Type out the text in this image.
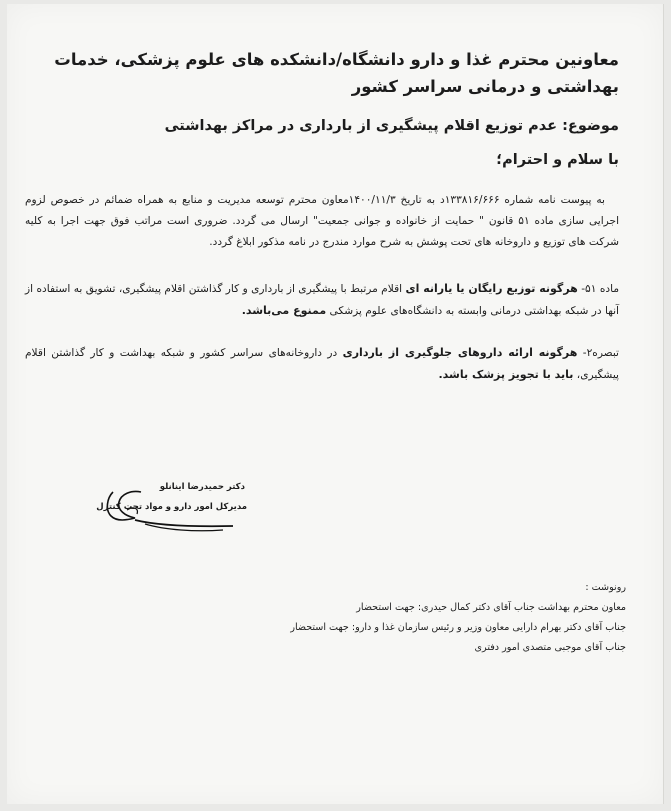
معاونین محترم غذا و دارو دانشگاه/دانشکده های علوم پزشکی، خدمات بهداشتی و درمانی سراسر کشور
موضوع: عدم توزیع اقلام پیشگیری از بارداری در مراکز بهداشتی
با سلام و احترام؛
به پیوست نامه شماره ۱۳۳۸۱۶/۶۶۶د به تاریخ ۱۴۰۰/۱۱/۳معاون محترم توسعه مدیریت و منابع به همراه ضمائم در خصوص لزوم اجرایی سازی ماده ۵۱ قانون " حمایت از خانواده و جوانی جمعیت" ارسال می گردد. ضروری است مراتب فوق جهت اجرا به کلیه شرکت های توزیع و داروخانه های تحت پوشش به شرح موارد مندرج در نامه مذکور ابلاغ گردد.
ماده ۵۱- هرگونه توزیع رایگان یا یارانه ای اقلام مرتبط با پیشگیری از بارداری و کار گذاشتن اقلام پیشگیری، تشویق به استفاده از آنها در شبکه بهداشتی درمانی وابسته به دانشگاه‌های علوم پزشکی ممنوع می‌باشد.
تبصره۲- هرگونه ارائه داروهای جلوگیری از بارداری در داروخانه‌های سراسر کشور و شبکه بهداشت و کار گذاشتن اقلام پیشگیری، باید با تجویز پزشک باشد.
دکتر حمیدرضا اینانلو
مدیرکل امور دارو و مواد تحت کنترل
رونوشت :
معاون محترم بهداشت جناب آقای دکتر کمال حیدری: جهت استحضار
جناب آقای دکتر بهرام دارایی معاون وزیر و رئیس سازمان غذا و دارو: جهت استحضار
جناب آقای موجبی متصدی امور دفتری
